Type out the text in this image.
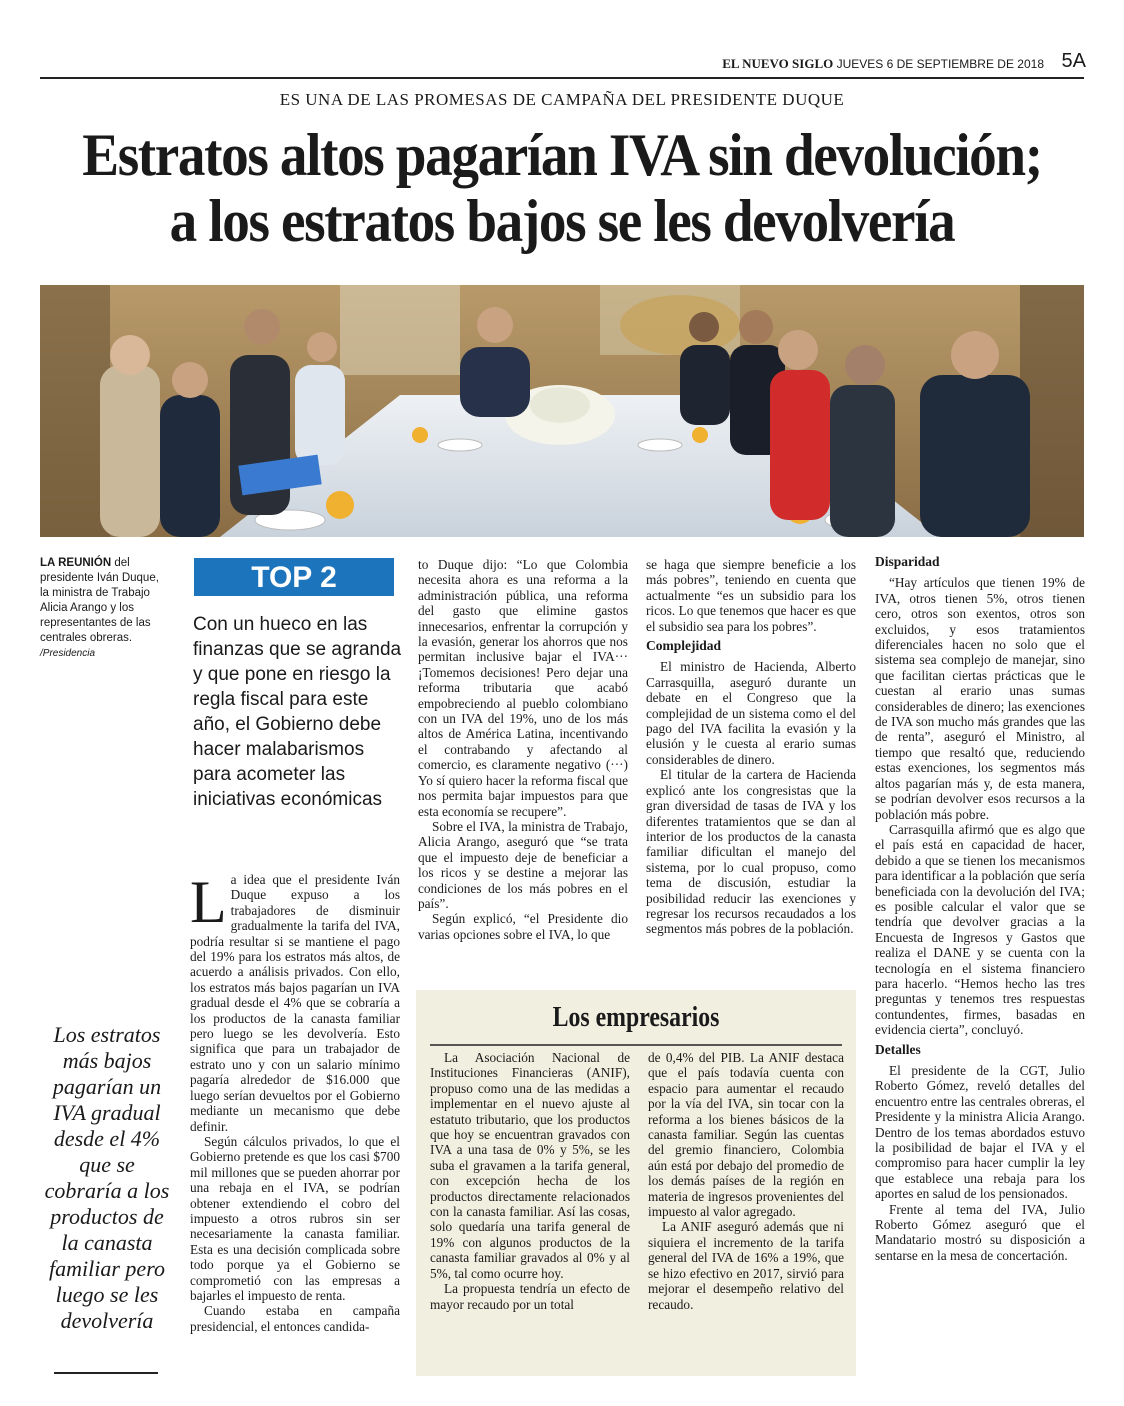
EL NUEVO SIGLO JUEVES 6 DE SEPTIEMBRE DE 2018 5A
ES UNA DE LAS PROMESAS DE CAMPAÑA DEL PRESIDENTE DUQUE
Estratos altos pagarían IVA sin devolución;
a los estratos bajos se les devolvería
LA REUNIÓN del presidente Iván Duque, la ministra de Trabajo Alicia Arango y los representantes de las centrales obreras.
/Presidencia
TOP 2
Con un hueco en las finanzas que se agranda y que pone en riesgo la regla fiscal para este año, el Gobierno debe hacer malabarismos para acometer las iniciativas económicas
Los estratos más bajos pagarían un IVA gradual desde el 4% que se cobraría a los productos de la canasta familiar pero luego se les devolvería

La idea que el presidente Iván Duque expuso a los trabajadores de disminuir gradualmente la tarifa del IVA, podría resultar si se mantiene el pago del 19% para los estratos más altos, de acuerdo a análisis privados. Con ello, los estratos más bajos pagarían un IVA gradual desde el 4% que se cobraría a los productos de la canasta familiar pero luego se les devolvería. Esto significa que para un trabajador de estrato uno y con un salario mínimo pagaría alrededor de $16.000 que luego serían devueltos por el Gobierno mediante un mecanismo que debe definir.

Según cálculos privados, lo que el Gobierno pretende es que los casi $700 mil millones que se pueden ahorrar por una rebaja en el IVA, se podrían obtener extendiendo el cobro del impuesto a otros rubros sin ser necesariamente la canasta familiar. Esta es una decisión complicada sobre todo porque ya el Gobierno se comprometió con las empresas a bajarles el impuesto de renta.

Cuando estaba en campaña presidencial, el entonces candida-

to Duque dijo: “Lo que Colombia necesita ahora es una reforma a la administración pública, una reforma del gasto que elimine gastos innecesarios, enfrentar la corrupción y la evasión, generar los ahorros que nos permitan inclusive bajar el IVA··· ¡Tomemos decisiones! Pero dejar una reforma tributaria que acabó empobreciendo al pueblo colombiano con un IVA del 19%, uno de los más altos de América Latina, incentivando el contrabando y afectando al comercio, es claramente negativo (···) Yo sí quiero hacer la reforma fiscal que nos permita bajar impuestos para que esta economía se recupere”.

Sobre el IVA, la ministra de Trabajo, Alicia Arango, aseguró que “se trata que el impuesto deje de beneficiar a los ricos y se destine a mejorar las condiciones de los más pobres en el país”.

Según explicó, “el Presidente dio varias opciones sobre el IVA, lo que

se haga que siempre beneficie a los más pobres”, teniendo en cuenta que actualmente “es un subsidio para los ricos. Lo que tenemos que hacer es que el subsidio sea para los pobres”.

Complejidad

El ministro de Hacienda, Alberto Carrasquilla, aseguró durante un debate en el Congreso que la complejidad de un sistema como el del pago del IVA facilita la evasión y la elusión y le cuesta al erario sumas considerables de dinero.

El titular de la cartera de Hacienda explicó ante los congresistas que la gran diversidad de tasas de IVA y los diferentes tratamientos que se dan al interior de los productos de la canasta familiar dificultan el manejo del sistema, por lo cual propuso, como tema de discusión, estudiar la posibilidad reducir las exenciones y regresar los recursos recaudados a los segmentos más pobres de la población.

Disparidad

“Hay artículos que tienen 19% de IVA, otros tienen 5%, otros tienen cero, otros son exentos, otros son excluidos, y esos tratamientos diferenciales hacen no solo que el sistema sea complejo de manejar, sino que facilitan ciertas prácticas que le cuestan al erario unas sumas considerables de dinero; las exenciones de IVA son mucho más grandes que las de renta”, aseguró el Ministro, al tiempo que resaltó que, reduciendo estas exenciones, los segmentos más altos pagarían más y, de esta manera, se podrían devolver esos recursos a la población más pobre.

Carrasquilla afirmó que es algo que el país está en capacidad de hacer, debido a que se tienen los mecanismos para identificar a la población que sería beneficiada con la devolución del IVA; es posible calcular el valor que se tendría que devolver gracias a la Encuesta de Ingresos y Gastos que realiza el DANE y se cuenta con la tecnología en el sistema financiero para hacerlo. “Hemos hecho las tres preguntas y tenemos tres respuestas contundentes, firmes, basadas en evidencia cierta”, concluyó.

Detalles

El presidente de la CGT, Julio Roberto Gómez, reveló detalles del encuentro entre las centrales obreras, el Presidente y la ministra Alicia Arango. Dentro de los temas abordados estuvo la posibilidad de bajar el IVA y el compromiso para hacer cumplir la ley que establece una rebaja para los aportes en salud de los pensionados.

Frente al tema del IVA, Julio Roberto Gómez aseguró que el Mandatario mostró su disposición a sentarse en la mesa de concertación.

Los empresarios

La Asociación Nacional de Instituciones Financieras (ANIF), propuso como una de las medidas a implementar en el nuevo ajuste al estatuto tributario, que los productos que hoy se encuentran gravados con IVA a una tasa de 0% y 5%, se les suba el gravamen a la tarifa general, con excepción hecha de los productos directamente relacionados con la canasta familiar. Así las cosas, solo quedaría una tarifa general de 19% con algunos productos de la canasta familiar gravados al 0% y al 5%, tal como ocurre hoy.

La propuesta tendría un efecto de mayor recaudo por un total

de 0,4% del PIB. La ANIF destaca que el país todavía cuenta con espacio para aumentar el recaudo por la vía del IVA, sin tocar con la reforma a los bienes básicos de la canasta familiar. Según las cuentas del gremio financiero, Colombia aún está por debajo del promedio de los demás países de la región en materia de ingresos provenientes del impuesto al valor agregado.

La ANIF aseguró además que ni siquiera el incremento de la tarifa general del IVA de 16% a 19%, que se hizo efectivo en 2017, sirvió para mejorar el desempeño relativo del recaudo.
